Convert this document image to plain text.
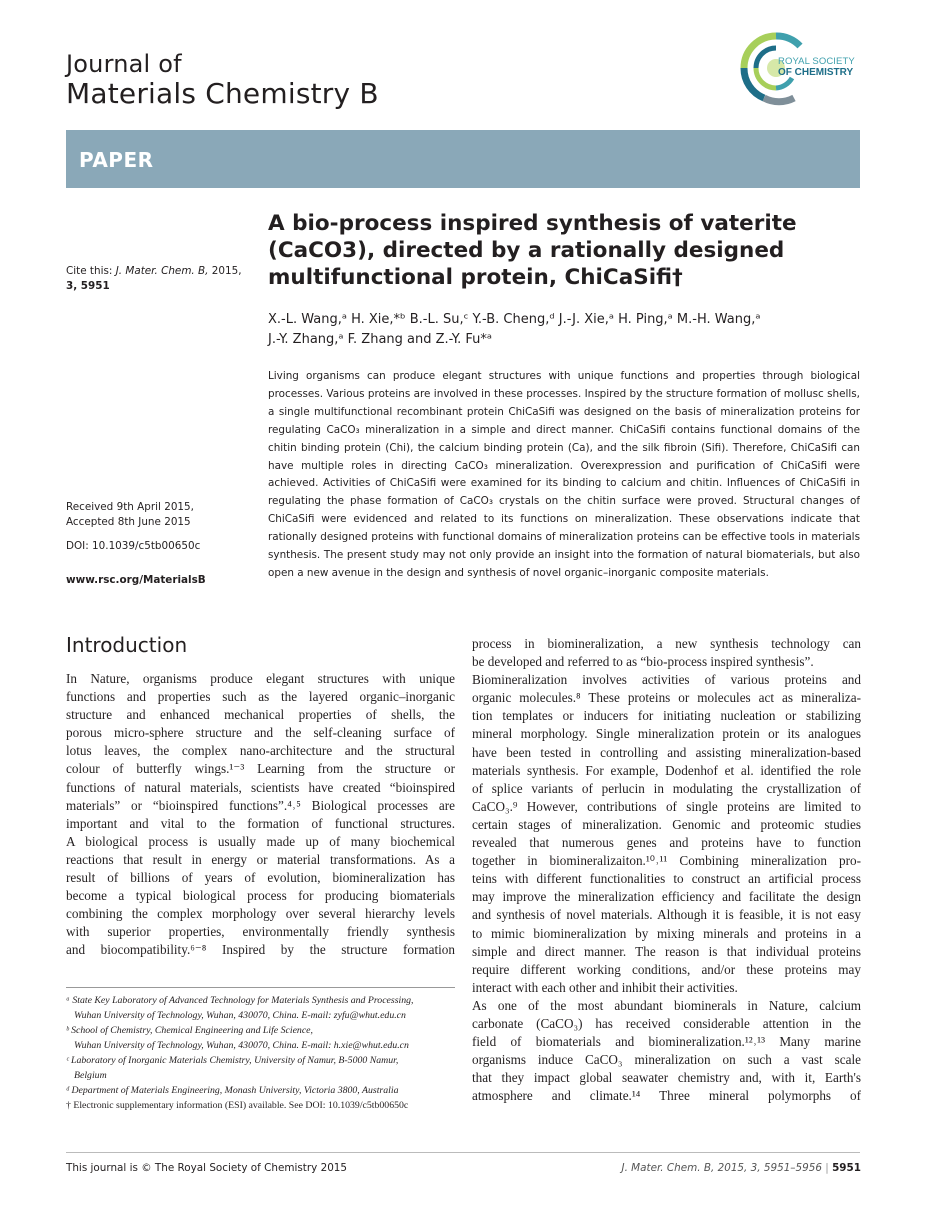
Journal of
Materials Chemistry B
ROYAL SOCIETY
OF CHEMISTRY
PAPER
A bio-process inspired synthesis of vaterite
(CaCO3), directed by a rationally designed
multifunctional protein, ChiCaSifi†
X.-L. Wang,ᵃ H. Xie,*ᵇ B.-L. Su,ᶜ Y.-B. Cheng,ᵈ J.-J. Xie,ᵃ H. Ping,ᵃ M.-H. Wang,ᵃ
J.-Y. Zhang,ᵃ F. Zhang and Z.-Y. Fu*ᵃ
Cite this: J. Mater. Chem. B, 2015,
3, 5951
Received 9th April 2015,
Accepted 8th June 2015
DOI: 10.1039/c5tb00650c
www.rsc.org/MaterialsB
Living organisms can produce elegant structures with unique functions and properties through biological
processes. Various proteins are involved in these processes. Inspired by the structure formation of mollusc shells,
a single multifunctional recombinant protein ChiCaSifi was designed on the basis of mineralization proteins for
regulating CaCO₃ mineralization in a simple and direct manner. ChiCaSifi contains functional domains of the
chitin binding protein (Chi), the calcium binding protein (Ca), and the silk fibroin (Sifi). Therefore, ChiCaSifi can
have multiple roles in directing CaCO₃ mineralization. Overexpression and purification of ChiCaSifi were
achieved. Activities of ChiCaSifi were examined for its binding to calcium and chitin. Influences of ChiCaSifi in
regulating the phase formation of CaCO₃ crystals on the chitin surface were proved. Structural changes of
ChiCaSifi were evidenced and related to its functions on mineralization. These observations indicate that
rationally designed proteins with functional domains of mineralization proteins can be effective tools in materials
synthesis. The present study may not only provide an insight into the formation of natural biomaterials, but also
open a new avenue in the design and synthesis of novel organic–inorganic composite materials.
Introduction
In Nature, organisms produce elegant structures with unique
functions and properties such as the layered organic–inorganic
structure and enhanced mechanical properties of shells, the
porous micro-sphere structure and the self-cleaning surface of
lotus leaves, the complex nano-architecture and the structural
colour of butterfly wings.¹⁻³ Learning from the structure or
functions of natural materials, scientists have created “bioinspired
materials” or “bioinspired functions”.⁴˒⁵ Biological processes are
important and vital to the formation of functional structures.
A biological process is usually made up of many biochemical
reactions that result in energy or material transformations. As a
result of billions of years of evolution, biomineralization has
become a typical biological process for producing biomaterials
combining the complex morphology over several hierarchy levels
with superior properties, environmentally friendly synthesis
and biocompatibility.⁶⁻⁸ Inspired by the structure formation
process in biomineralization, a new synthesis technology can
be developed and referred to as “bio-process inspired synthesis”.
Biomineralization involves activities of various proteins and
organic molecules.⁸ These proteins or molecules act as mineraliza-
tion templates or inducers for initiating nucleation or stabilizing
mineral morphology. Single mineralization protein or its analogues
have been tested in controlling and assisting mineralization-based
materials synthesis. For example, Dodenhof et al. identified the role
of splice variants of perlucin in modulating the crystallization of
CaCO₃.⁹ However, contributions of single proteins are limited to
certain stages of mineralization. Genomic and proteomic studies
revealed that numerous genes and proteins have to function
together in biomineralizaiton.¹⁰˒¹¹ Combining mineralization pro-
teins with different functionalities to construct an artificial process
may improve the mineralization efficiency and facilitate the design
and synthesis of novel materials. Although it is feasible, it is not easy
to mimic biomineralization by mixing minerals and proteins in a
simple and direct manner. The reason is that individual proteins
require different working conditions, and/or these proteins may
interact with each other and inhibit their activities.
As one of the most abundant biominerals in Nature, calcium
carbonate (CaCO₃) has received considerable attention in the
field of biomaterials and biomineralization.¹²˒¹³ Many marine
organisms induce CaCO₃ mineralization on such a vast scale
that they impact global seawater chemistry and, with it, Earth's
atmosphere and climate.¹⁴ Three mineral polymorphs of
ᵃ State Key Laboratory of Advanced Technology for Materials Synthesis and Processing,
Wuhan University of Technology, Wuhan, 430070, China. E-mail: zyfu@whut.edu.cn
ᵇ School of Chemistry, Chemical Engineering and Life Science,
Wuhan University of Technology, Wuhan, 430070, China. E-mail: h.xie@whut.edu.cn
ᶜ Laboratory of Inorganic Materials Chemistry, University of Namur, B-5000 Namur,
Belgium
ᵈ Department of Materials Engineering, Monash University, Victoria 3800, Australia
† Electronic supplementary information (ESI) available. See DOI: 10.1039/c5tb00650c
This journal is © The Royal Society of Chemistry 2015	J. Mater. Chem. B, 2015, 3, 5951–5956 | 5951
